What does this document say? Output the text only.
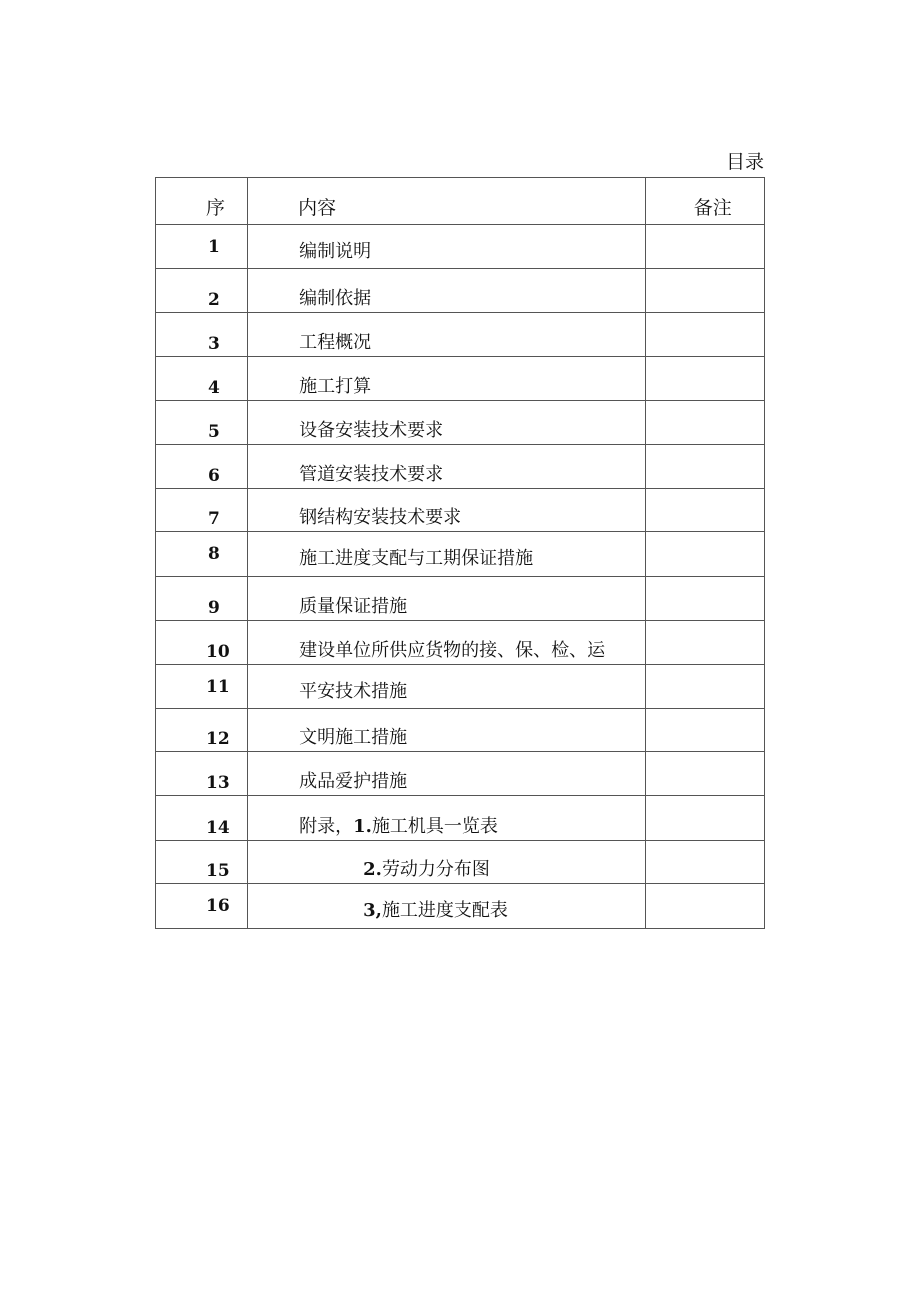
目录
序	内容	备注
1	编制说明	
2	编制依据	
3	工程概况	
4	施工打算	
5	设备安装技术要求	
6	管道安装技术要求	
7	钢结构安装技术要求	
8	施工进度支配与工期保证措施	
9	质量保证措施	
10	建设单位所供应货物的接、保、检、运	
11	平安技术措施	
12	文明施工措施	
13	成品爱护措施	
14	附录，1.施工机具一览表	
15	2.劳动力分布图	
16	3,施工进度支配表	
